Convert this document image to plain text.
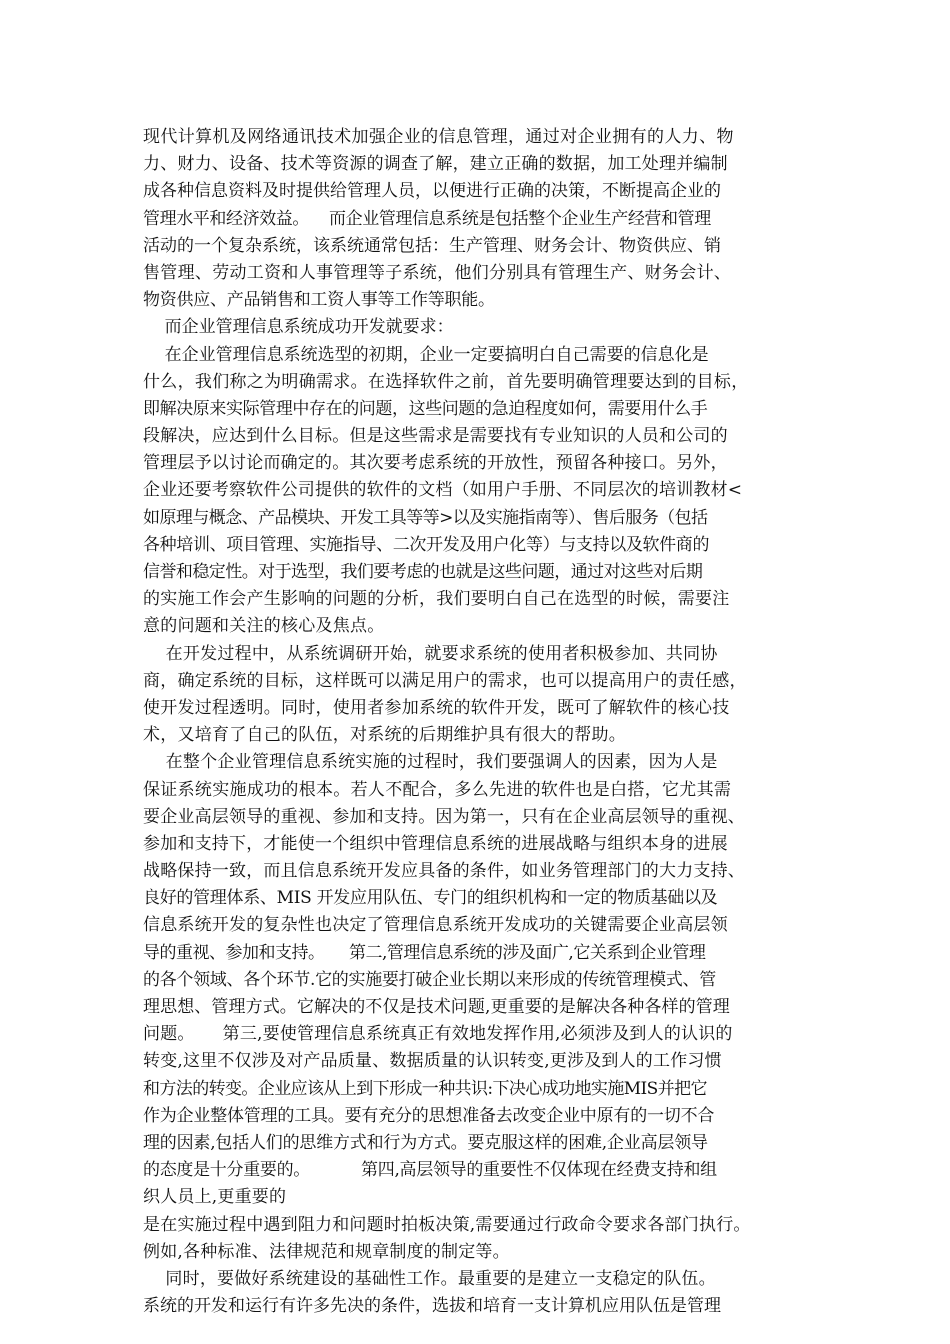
现代计算机及网络通讯技术加强企业的信息管理，通过对企业拥有的人力、物
力、财力、设备、技术等资源的调查了解，建立正确的数据，加工处理并编制
成各种信息资料及时提供给管理人员，以便进行正确的决策，不断提高企业的
管理水平和经济效益。    而企业管理信息系统是包括整个企业生产经营和管理
活动的一个复杂系统，该系统通常包括：生产管理、财务会计、物资供应、销
售管理、劳动工资和人事管理等子系统，他们分别具有管理生产、财务会计、
物资供应、产品销售和工资人事等工作等职能。
而企业管理信息系统成功开发就要求：
在企业管理信息系统选型的初期，企业一定要搞明白自己需要的信息化是
什么，我们称之为明确需求。在选择软件之前，首先要明确管理要达到的目标，
即解决原来实际管理中存在的问题，这些问题的急迫程度如何，需要用什么手
段解决，应达到什么目标。但是这些需求是需要找有专业知识的人员和公司的
管理层予以讨论而确定的。其次要考虑系统的开放性，预留各种接口。另外，
企业还要考察软件公司提供的软件的文档（如用户手册、不同层次的培训教材<
如原理与概念、产品模块、开发工具等等>以及实施指南等）、售后服务（包括
各种培训、项目管理、实施指导、二次开发及用户化等）与支持以及软件商的
信誉和稳定性。对于选型，我们要考虑的也就是这些问题，通过对这些对后期
的实施工作会产生影响的问题的分析，我们要明白自己在选型的时候，需要注
意的问题和关注的核心及焦点。
在开发过程中，从系统调研开始，就要求系统的使用者积极参加、共同协
商，确定系统的目标，这样既可以满足用户的需求，也可以提高用户的责任感，
使开发过程透明。同时，使用者参加系统的软件开发，既可了解软件的核心技
术，又培育了自己的队伍，对系统的后期维护具有很大的帮助。
在整个企业管理信息系统实施的过程时，我们要强调人的因素，因为人是
保证系统实施成功的根本。若人不配合，多么先进的软件也是白搭，它尤其需
要企业高层领导的重视、参加和支持。因为第一，只有在企业高层领导的重视、
参加和支持下，才能使一个组织中管理信息系统的进展战略与组织本身的进展
战略保持一致，而且信息系统开发应具备的条件，如业务管理部门的大力支持、
良好的管理体系、MIS 开发应用队伍、专门的组织机构和一定的物质基础以及
信息系统开发的复杂性也决定了管理信息系统开发成功的关键需要企业高层领
导的重视、参加和支持。     第二,管理信息系统的涉及面广,它关系到企业管理
的各个领域、各个环节.它的实施要打破企业长期以来形成的传统管理模式、管
理思想、管理方式。它解决的不仅是技术问题,更重要的是解决各种各样的管理
问题。     第三,要使管理信息系统真正有效地发挥作用,必须涉及到人的认识的
转变,这里不仅涉及对产品质量、数据质量的认识转变,更涉及到人的工作习惯
和方法的转变。企业应该从上到下形成一种共识:下决心成功地实施MIS并把它
作为企业整体管理的工具。要有充分的思想准备去改变企业中原有的一切不合
理的因素,包括人们的思维方式和行为方式。要克服这样的困难,企业高层领导
的态度是十分重要的。          第四,高层领导的重要性不仅体现在经费支持和组
织人员上,更重要的
是在实施过程中遇到阻力和问题时拍板决策,需要通过行政命令要求各部门执行。
例如,各种标准、法律规范和规章制度的制定等。
同时，要做好系统建设的基础性工作。最重要的是建立一支稳定的队伍。
系统的开发和运行有许多先决的条件，选拔和培育一支计算机应用队伍是管理
